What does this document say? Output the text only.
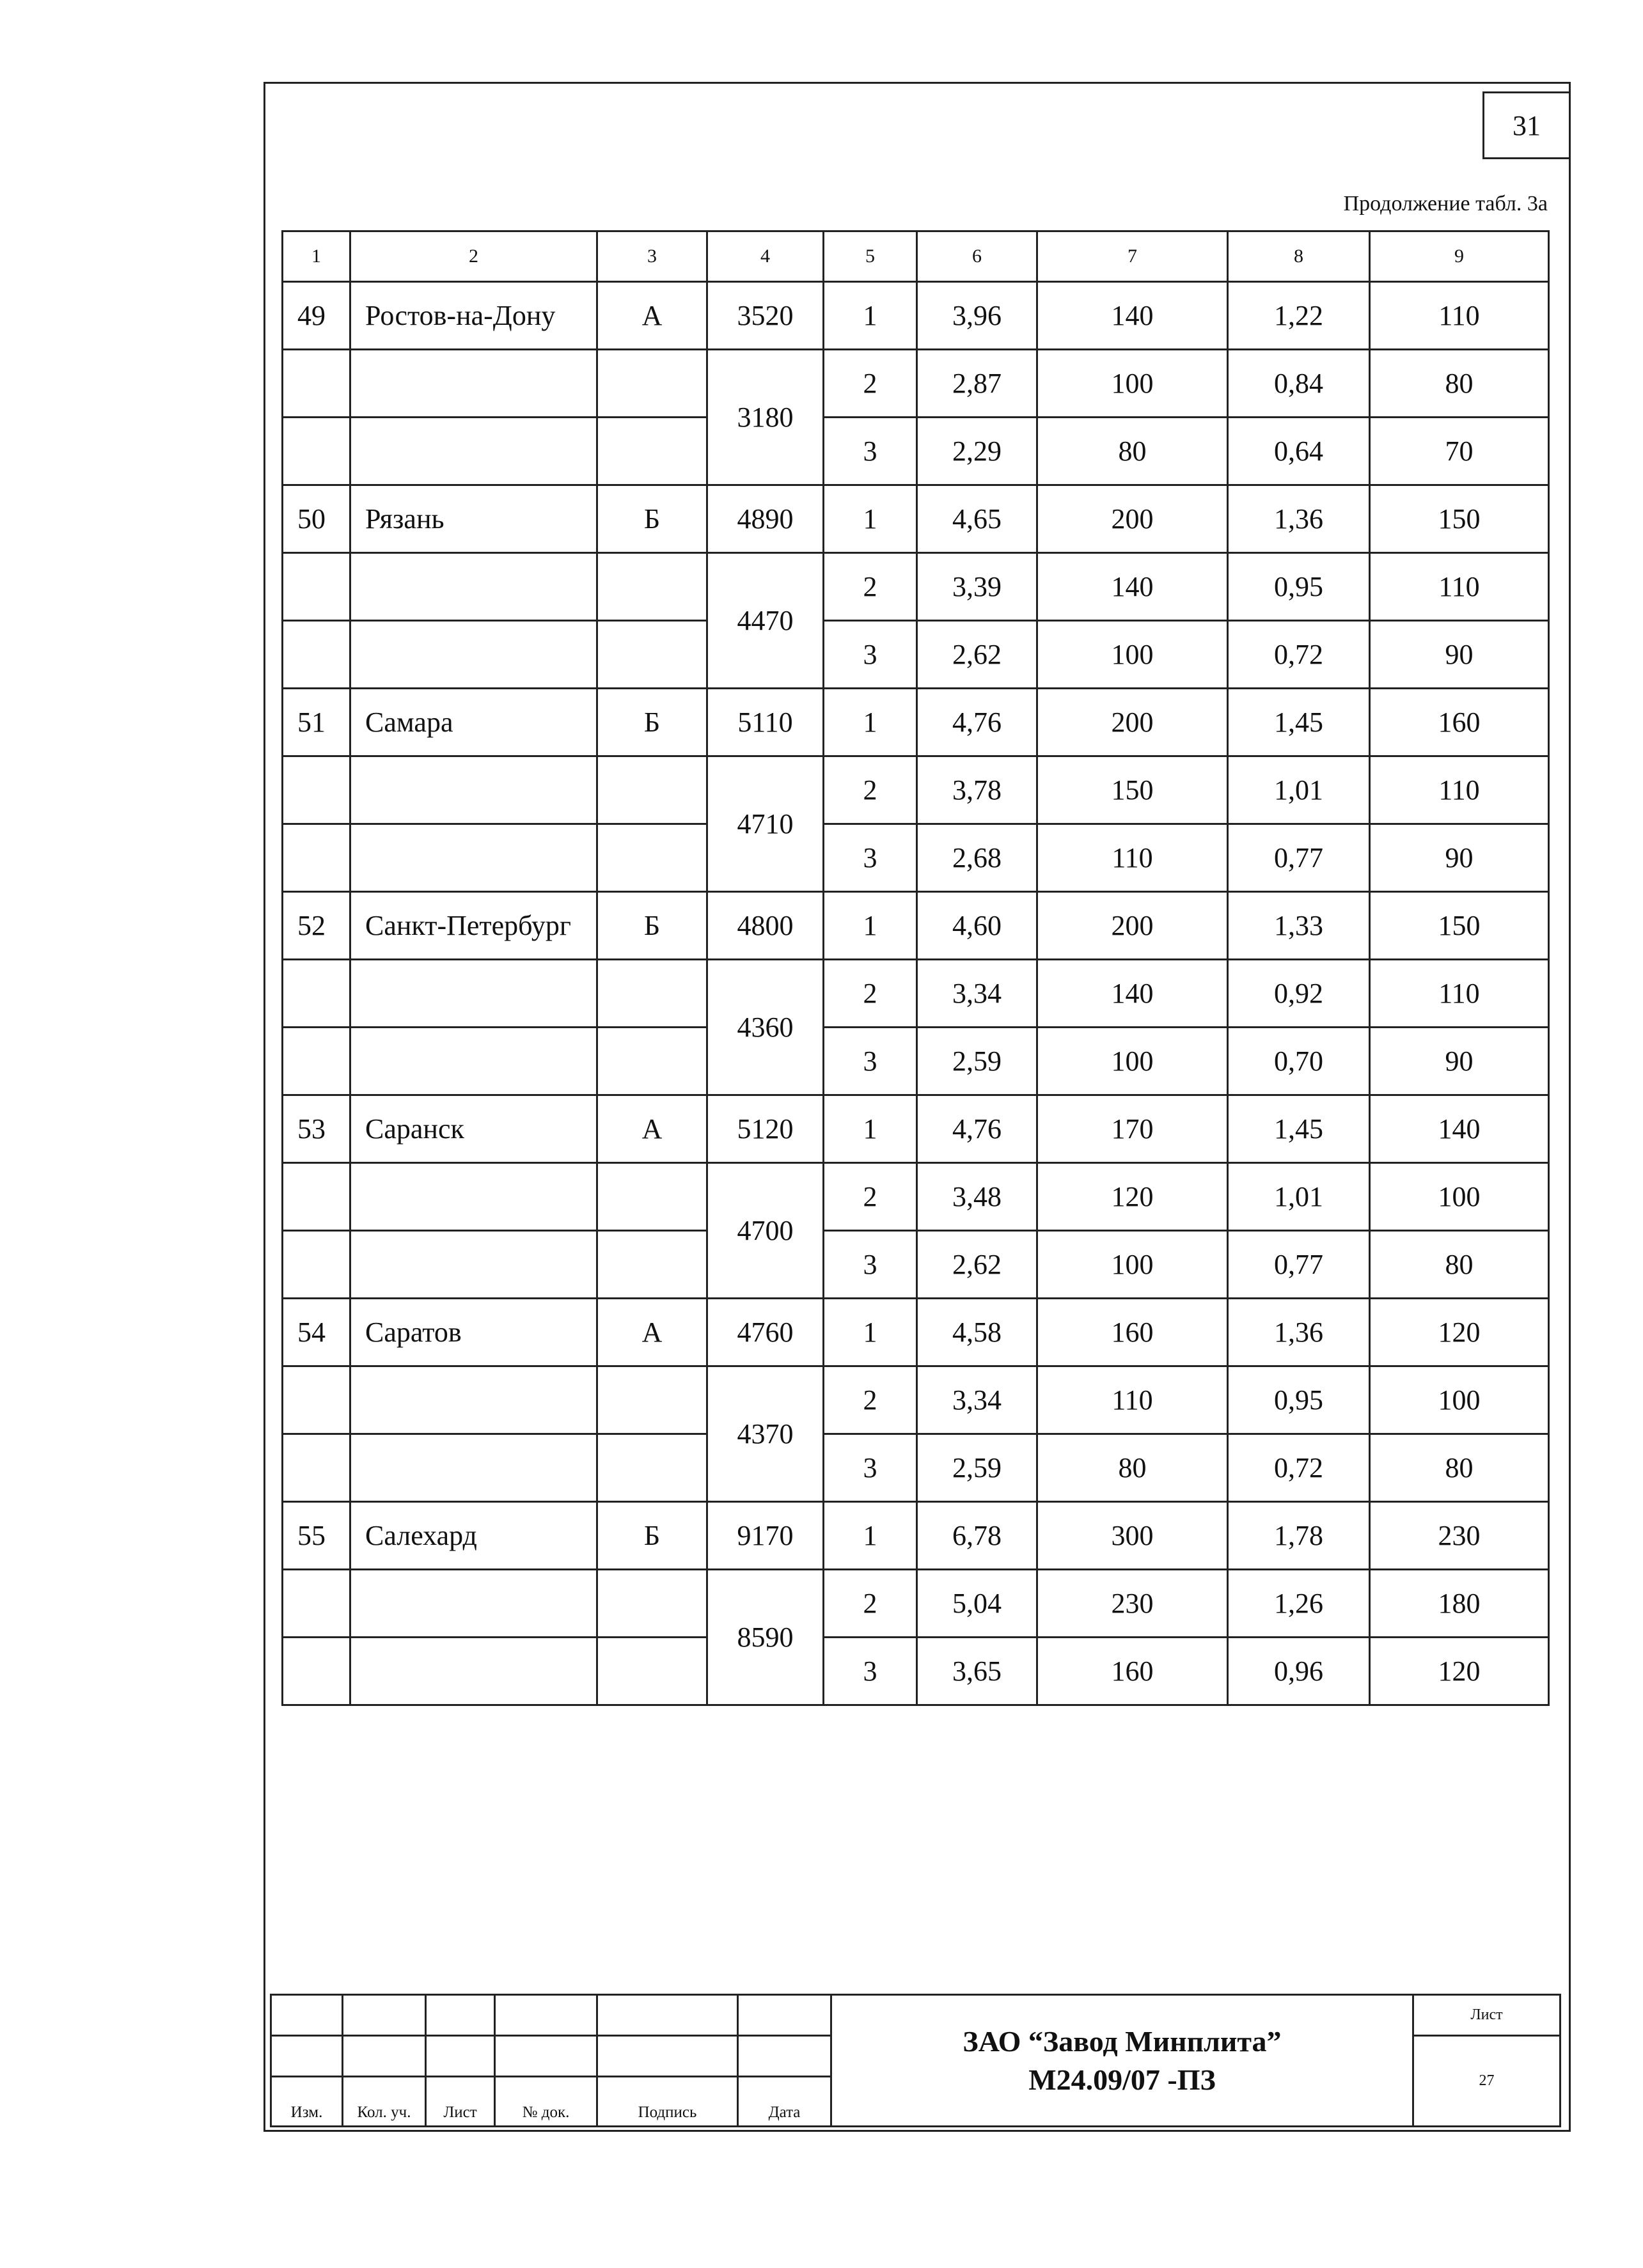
31
Продолжение табл. 3а
1	2	3	4	5	6	7	8	9
49	Ростов-на-Дону	А	3520	1	3,96	140	1,22	110
			3180	2	2,87	100	0,84	80
				3	2,29	80	0,64	70
50	Рязань	Б	4890	1	4,65	200	1,36	150
			4470	2	3,39	140	0,95	110
				3	2,62	100	0,72	90
51	Самара	Б	5110	1	4,76	200	1,45	160
			4710	2	3,78	150	1,01	110
				3	2,68	110	0,77	90
52	Санкт-Петербург	Б	4800	1	4,60	200	1,33	150
			4360	2	3,34	140	0,92	110
				3	2,59	100	0,70	90
53	Саранск	А	5120	1	4,76	170	1,45	140
			4700	2	3,48	120	1,01	100
				3	2,62	100	0,77	80
54	Саратов	А	4760	1	4,58	160	1,36	120
			4370	2	3,34	110	0,95	100
				3	2,59	80	0,72	80
55	Салехард	Б	9170	1	6,78	300	1,78	230
			8590	2	5,04	230	1,26	180
				3	3,65	160	0,96	120

						ЗАО “Завод Минплита”
М24.09/07 -ПЗ	Лист
							27
Изм.	Кол. уч.	Лист	№ док.	Подпись	Дата		
